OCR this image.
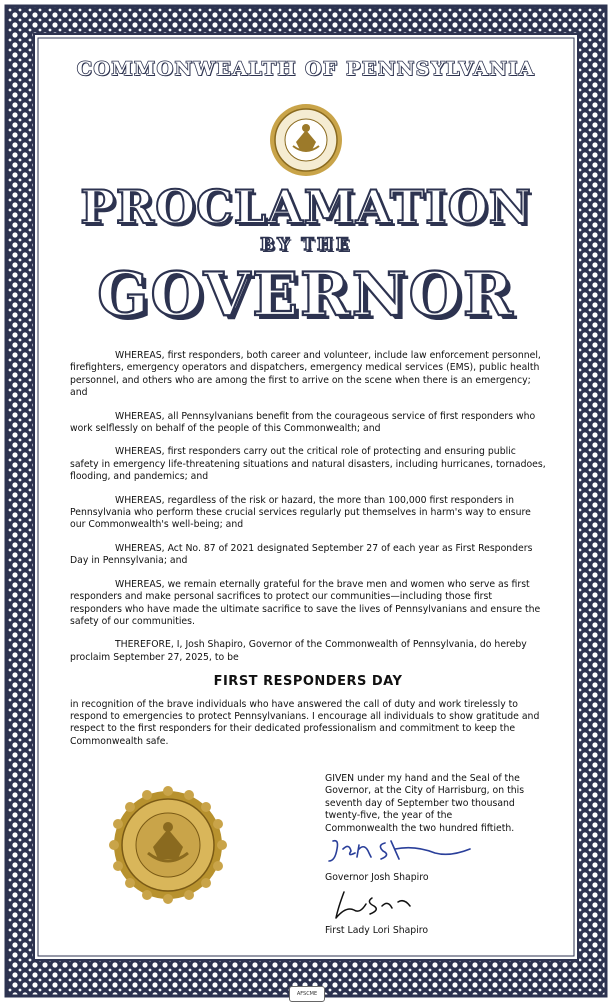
COMMONWEALTH OF PENNSYLVANIA
PROCLAMATION
BY THE
GOVERNOR

WHEREAS, first responders, both career and volunteer, include law enforcement personnel, firefighters, emergency operators and dispatchers, emergency medical services (EMS), public health personnel, and others who are among the first to arrive on the scene when there is an emergency; and

WHEREAS, all Pennsylvanians benefit from the courageous service of first responders who work selflessly on behalf of the people of this Commonwealth; and

WHEREAS, first responders carry out the critical role of protecting and ensuring public safety in emergency life-threatening situations and natural disasters, including hurricanes, tornadoes, flooding, and pandemics; and

WHEREAS, regardless of the risk or hazard, the more than 100,000 first responders in Pennsylvania who perform these crucial services regularly put themselves in harm's way to ensure our Commonwealth's well-being; and

WHEREAS, Act No. 87 of 2021 designated September 27 of each year as First Responders Day in Pennsylvania; and

WHEREAS, we remain eternally grateful for the brave men and women who serve as first responders and make personal sacrifices to protect our communities—including those first responders who have made the ultimate sacrifice to save the lives of Pennsylvanians and ensure the safety of our communities.

THEREFORE, I, Josh Shapiro, Governor of the Commonwealth of Pennsylvania, do hereby proclaim September 27, 2025, to be

FIRST RESPONDERS DAY

in recognition of the brave individuals who have answered the call of duty and work tirelessly to respond to emergencies to protect Pennsylvanians. I encourage all individuals to show gratitude and respect to the first responders for their dedicated professionalism and commitment to keep the Commonwealth safe.

GIVEN under my hand and the Seal of the
Governor, at the City of Harrisburg, on this
seventh day of September two thousand
twenty-five, the year of the
Commonwealth the two hundred fiftieth.
Governor Josh Shapiro
First Lady Lori Shapiro
AFSCME
